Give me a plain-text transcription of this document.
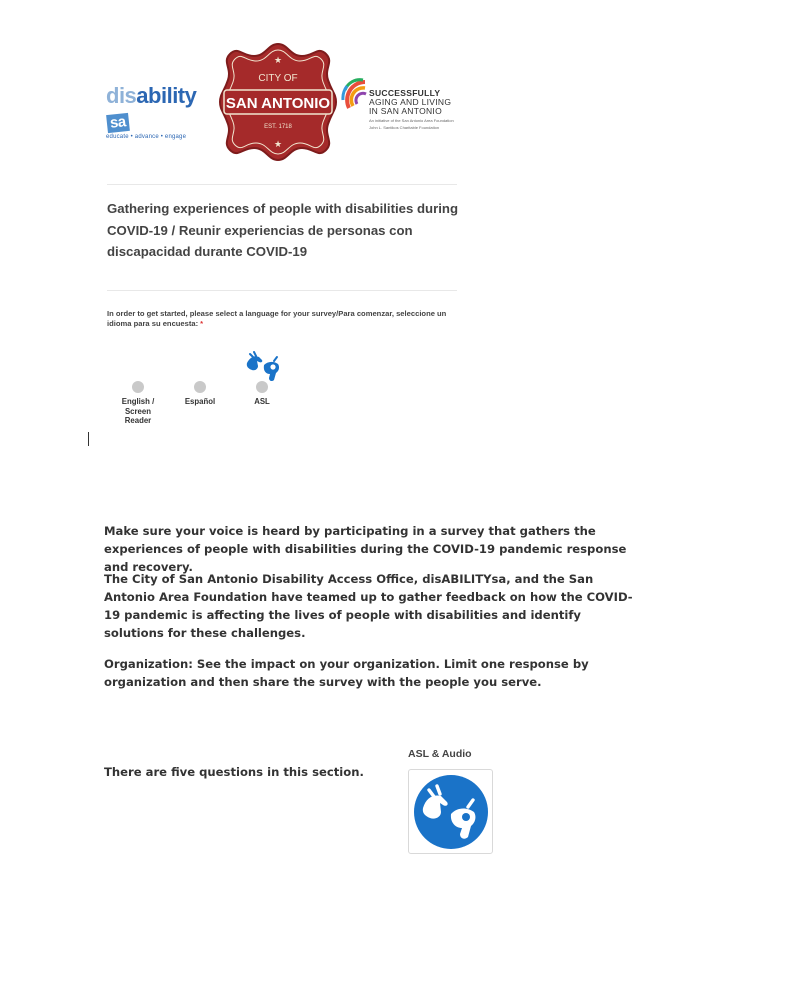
disabilitysa
educate • advance • engage
★
CITY OF
SAN ANTONIO
EST. 1718
★
SUCCESSFULLY
AGING AND LIVING
IN SAN ANTONIO
An initiative of the San Antonio Area Foundation
John L. Santikos Charitable Foundation
Gathering experiences of people with disabilities during COVID-19 / Reunir experiencias de personas con discapacidad durante COVID-19
In order to get started, please select a language for your survey/Para comenzar, seleccione un idioma para su encuesta: *
English /
Screen
Reader
Español	ASL

Make sure your voice is heard by participating in a survey that gathers the experiences of people with disabilities during the COVID-19 pandemic response and recovery.

The City of San Antonio Disability Access Office, disABILITYsa, and the San Antonio Area Foundation have teamed up to gather feedback on how the COVID-19 pandemic is affecting the lives of people with disabilities and identify solutions for these challenges.

Organization: See the impact on your organization. Limit one response by organization and then share the survey with the people you serve.

There are five questions in this section.

ASL & Audio
